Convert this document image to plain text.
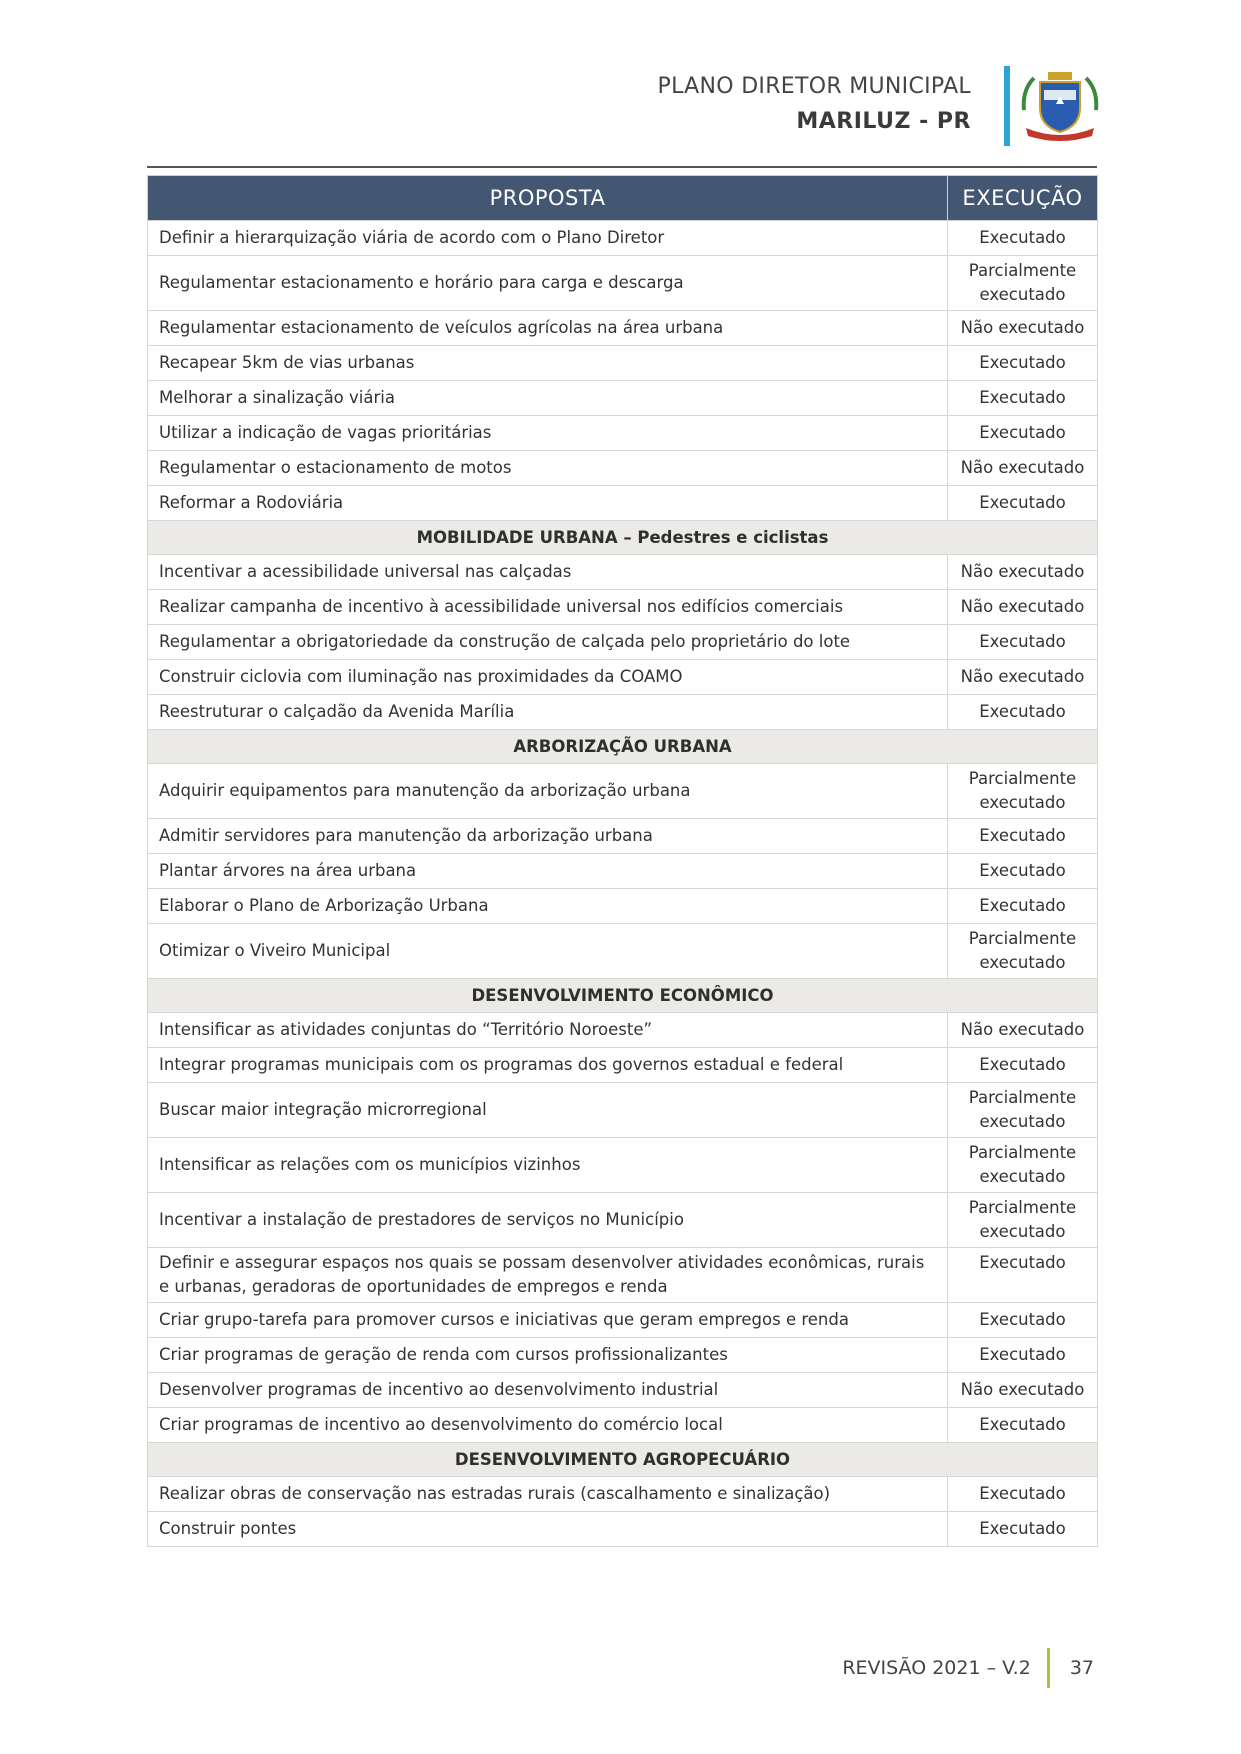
PLANO DIRETOR MUNICIPAL
MARILUZ - PR
PROPOSTA	EXECUÇÃO
Definir a hierarquização viária de acordo com o Plano Diretor	Executado
Regulamentar estacionamento e horário para carga e descarga	Parcialmente executado
Regulamentar estacionamento de veículos agrícolas na área urbana	Não executado
Recapear 5km de vias urbanas	Executado
Melhorar a sinalização viária	Executado
Utilizar a indicação de vagas prioritárias	Executado
Regulamentar o estacionamento de motos	Não executado
Reformar a Rodoviária	Executado
MOBILIDADE URBANA – Pedestres e ciclistas	
Incentivar a acessibilidade universal nas calçadas	Não executado
Realizar campanha de incentivo à acessibilidade universal nos edifícios comerciais	Não executado
Regulamentar a obrigatoriedade da construção de calçada pelo proprietário do lote	Executado
Construir ciclovia com iluminação nas proximidades da COAMO	Não executado
Reestruturar o calçadão da Avenida Marília	Executado
ARBORIZAÇÃO URBANA	
Adquirir equipamentos para manutenção da arborização urbana	Parcialmente executado
Admitir servidores para manutenção da arborização urbana	Executado
Plantar árvores na área urbana	Executado
Elaborar o Plano de Arborização Urbana	Executado
Otimizar o Viveiro Municipal	Parcialmente executado
DESENVOLVIMENTO ECONÔMICO	
Intensificar as atividades conjuntas do “Território Noroeste”	Não executado
Integrar programas municipais com os programas dos governos estadual e federal	Executado
Buscar maior integração microrregional	Parcialmente executado
Intensificar as relações com os municípios vizinhos	Parcialmente executado
Incentivar a instalação de prestadores de serviços no Município	Parcialmente executado
Definir e assegurar espaços nos quais se possam desenvolver atividades econômicas, rurais e urbanas, geradoras de oportunidades de empregos e renda	Executado
Criar grupo-tarefa para promover cursos e iniciativas que geram empregos e renda	Executado
Criar programas de geração de renda com cursos profissionalizantes	Executado
Desenvolver programas de incentivo ao desenvolvimento industrial	Não executado
Criar programas de incentivo ao desenvolvimento do comércio local	Executado
DESENVOLVIMENTO AGROPECUÁRIO	
Realizar obras de conservação nas estradas rurais (cascalhamento e sinalização)	Executado
Construir pontes	Executado
REVISÃO 2021 – V.2 37
